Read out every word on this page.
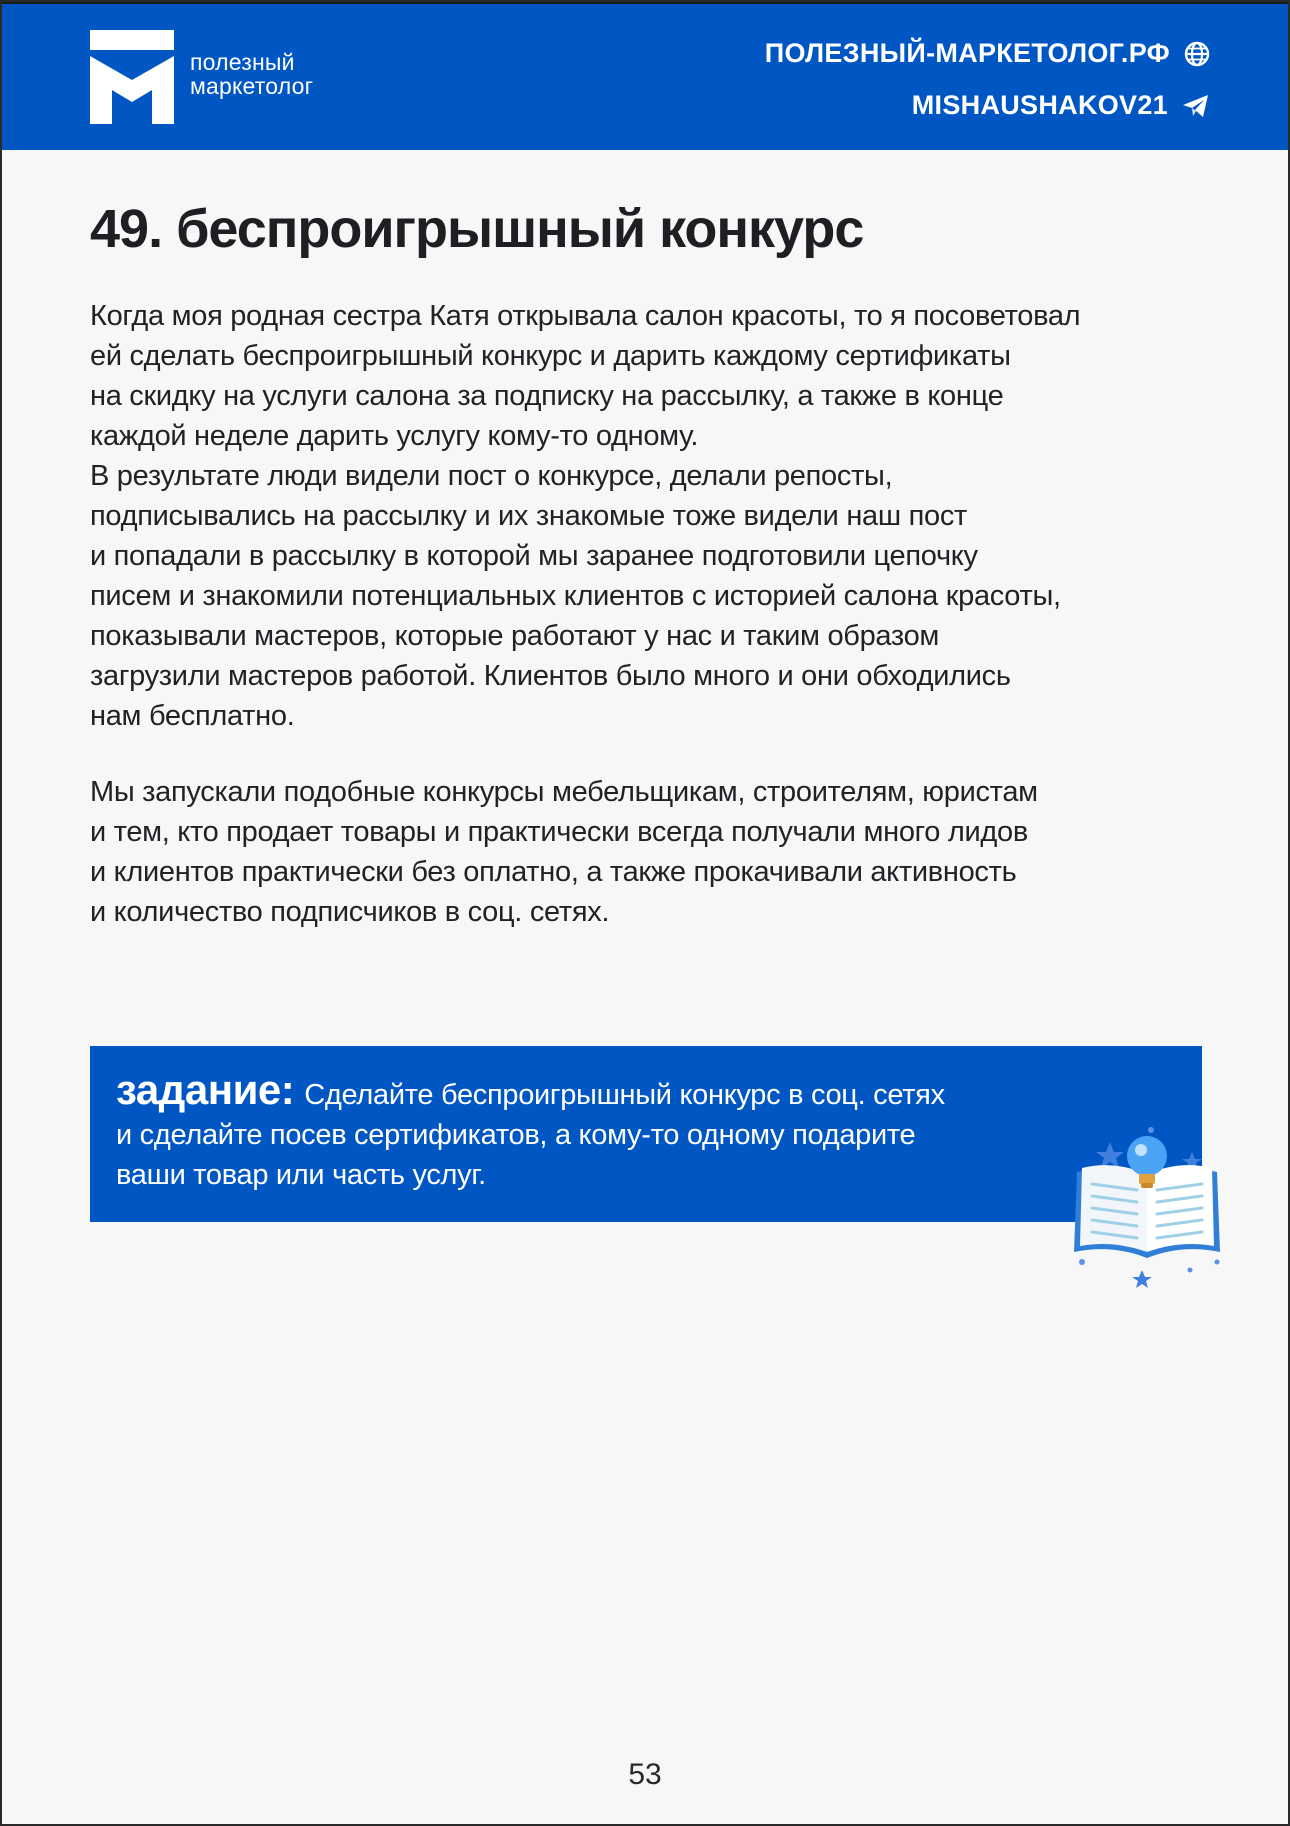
полезный
маркетолог
ПОЛЕЗНЫЙ-МАРКЕТОЛОГ.РФ
MISHAUSHAKOV21
49. беспроигрышный конкурс

Когда моя родная сестра Катя открывала салон красоты, то я посоветовал
ей сделать беспроигрышный конкурс и дарить каждому сертификаты
на скидку на услуги салона за подписку на рассылку, а также в конце
каждой неделе дарить услугу кому-то одному.
В результате люди видели пост о конкурсе, делали репосты,
подписывались на рассылку и их знакомые тоже видели наш пост
и попадали в рассылку в которой мы заранее подготовили цепочку
писем и знакомили потенциальных клиентов с историей салона красоты,
показывали мастеров, которые работают у нас и таким образом
загрузили мастеров работой. Клиентов было много и они обходились
нам бесплатно.

Мы запускали подобные конкурсы мебельщикам, строителям, юристам
и тем, кто продает товары и практически всегда получали много лидов
и клиентов практически без оплатно, а также прокачивали активность
и количество подписчиков в соц. сетях.

задание: Сделайте беспроигрышный конкурс в соц. сетях
и сделайте посев сертификатов, а кому-то одному подарите
ваши товар или часть услуг.
53
